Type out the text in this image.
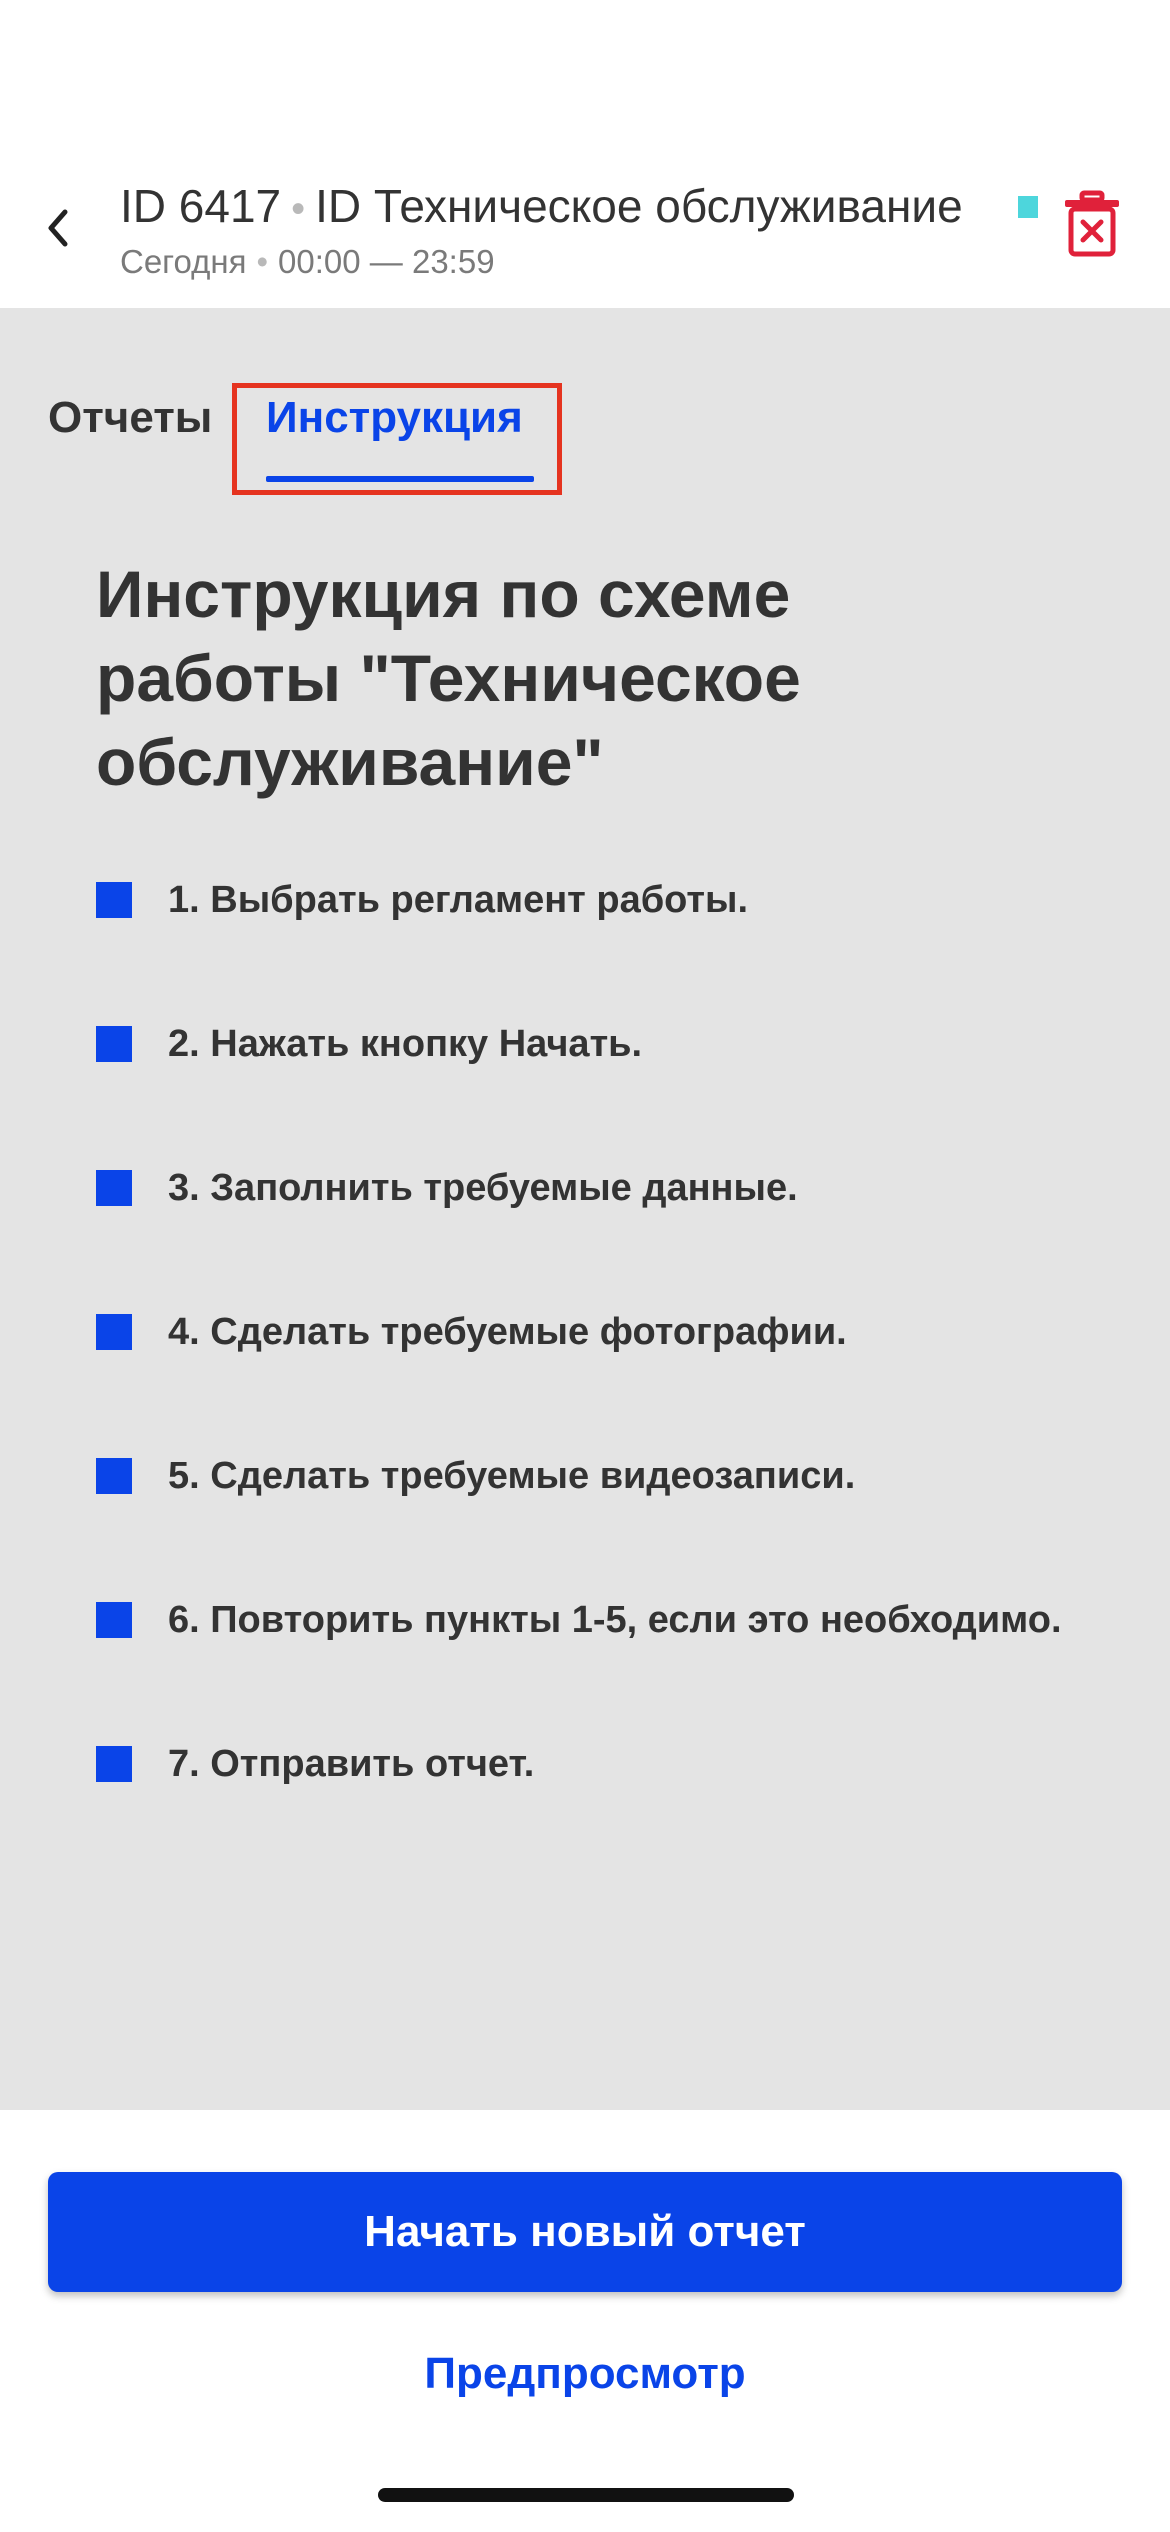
ID 6417 • ID Техническое обслуживание
Сегодня • 00:00 — 23:59
Отчеты Инструкция
Инструкция по схеме работы "Техническое обслуживание"
1. Выбрать регламент работы.
2. Нажать кнопку Начать.
3. Заполнить требуемые данные.
4. Сделать требуемые фотографии.
5. Сделать требуемые видеозаписи.
6. Повторить пункты 1-5, если это необходимо.
7. Отправить отчет.
Начать новый отчет
Предпросмотр
